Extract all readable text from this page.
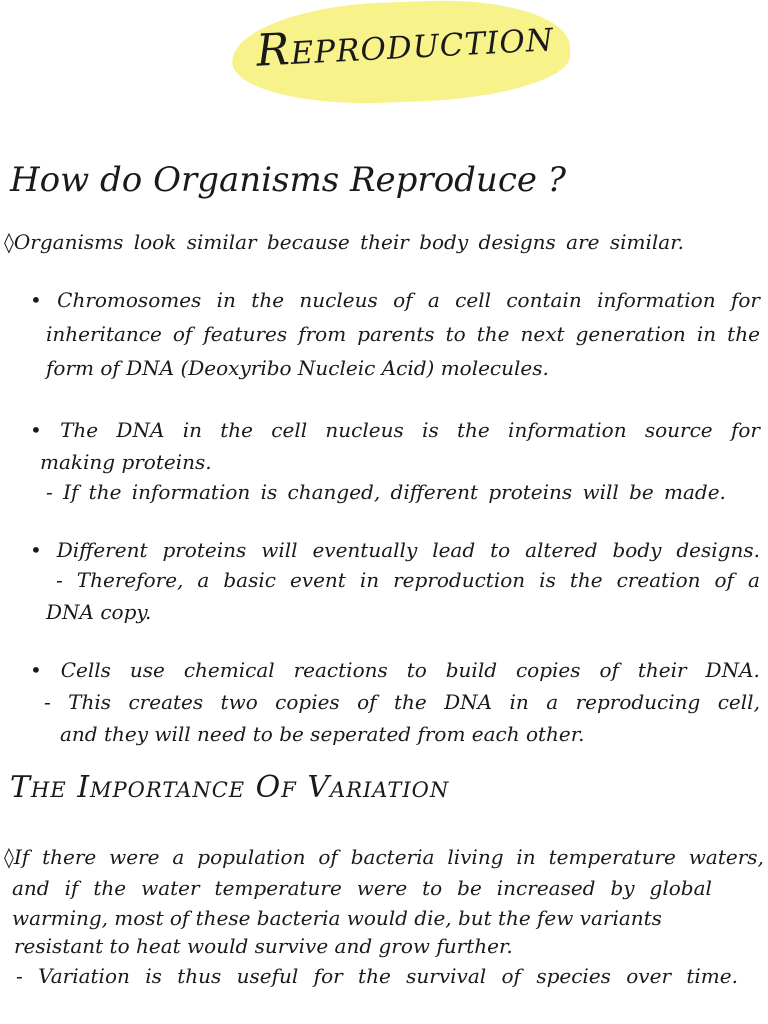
Reproduction
How do Organisms Reproduce ?
◊Organisms look similar because their body designs are similar.
• Chromosomes in the nucleus of a cell contain information for
inheritance of features from parents to the next generation in the
form of DNA (Deoxyribo Nucleic Acid) molecules.
• The DNA in the cell nucleus is the information source for
making proteins.
- If the information is changed, different proteins will be made.
• Different proteins will eventually lead to altered body designs.
- Therefore, a basic event in reproduction is the creation of a
DNA copy.
• Cells use chemical reactions to build copies of their DNA.
- This creates two copies of the DNA in a reproducing cell,
and they will need to be seperated from each other.
The Importance Of Variation
◊If there were a population of bacteria living in temperature waters,
and if the water temperature were to be increased by global
warming, most of these bacteria would die, but the few variants
resistant to heat would survive and grow further.
- Variation is thus useful for the survival of species over time.
